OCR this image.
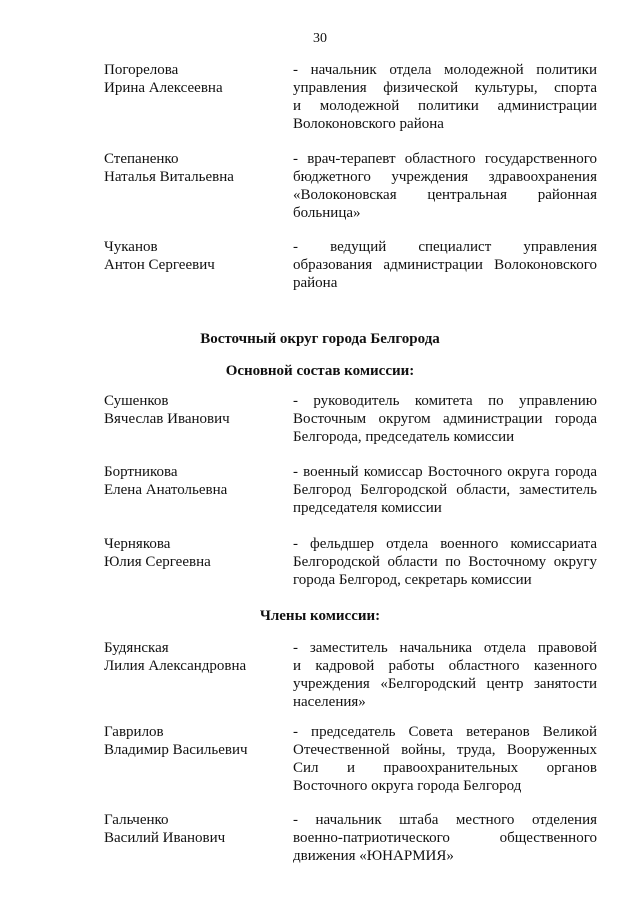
30
Погорелова
Ирина Алексеевна
- начальник отдела молодежной политики
управления физической культуры, спорта
и молодежной политики администрации
Волоконовского района
Степаненко
Наталья Витальевна
- врач-терапевт областного государственного
бюджетного учреждения здравоохранения
«Волоконовская центральная районная
больница»
Чуканов
Антон Сергеевич
- ведущий специалист управления
образования администрации Волоконовского
района
Восточный округ города Белгорода
Основной состав комиссии:
Сушенков
Вячеслав Иванович
- руководитель комитета по управлению
Восточным округом администрации города
Белгорода, председатель комиссии
Бортникова
Елена Анатольевна
- военный комиссар Восточного округа города
Белгород Белгородской области, заместитель
председателя комиссии
Чернякова
Юлия Сергеевна
- фельдшер отдела военного комиссариата
Белгородской области по Восточному округу
города Белгород, секретарь комиссии
Члены комиссии:
Будянская
Лилия Александровна
- заместитель начальника отдела правовой
и кадровой работы областного казенного
учреждения «Белгородский центр занятости
населения»
Гаврилов
Владимир Васильевич
- председатель Совета ветеранов Великой
Отечественной войны, труда, Вооруженных
Сил и правоохранительных органов
Восточного округа города Белгород
Гальченко
Василий Иванович
- начальник штаба местного отделения
военно-патриотического общественного
движения «ЮНАРМИЯ»
